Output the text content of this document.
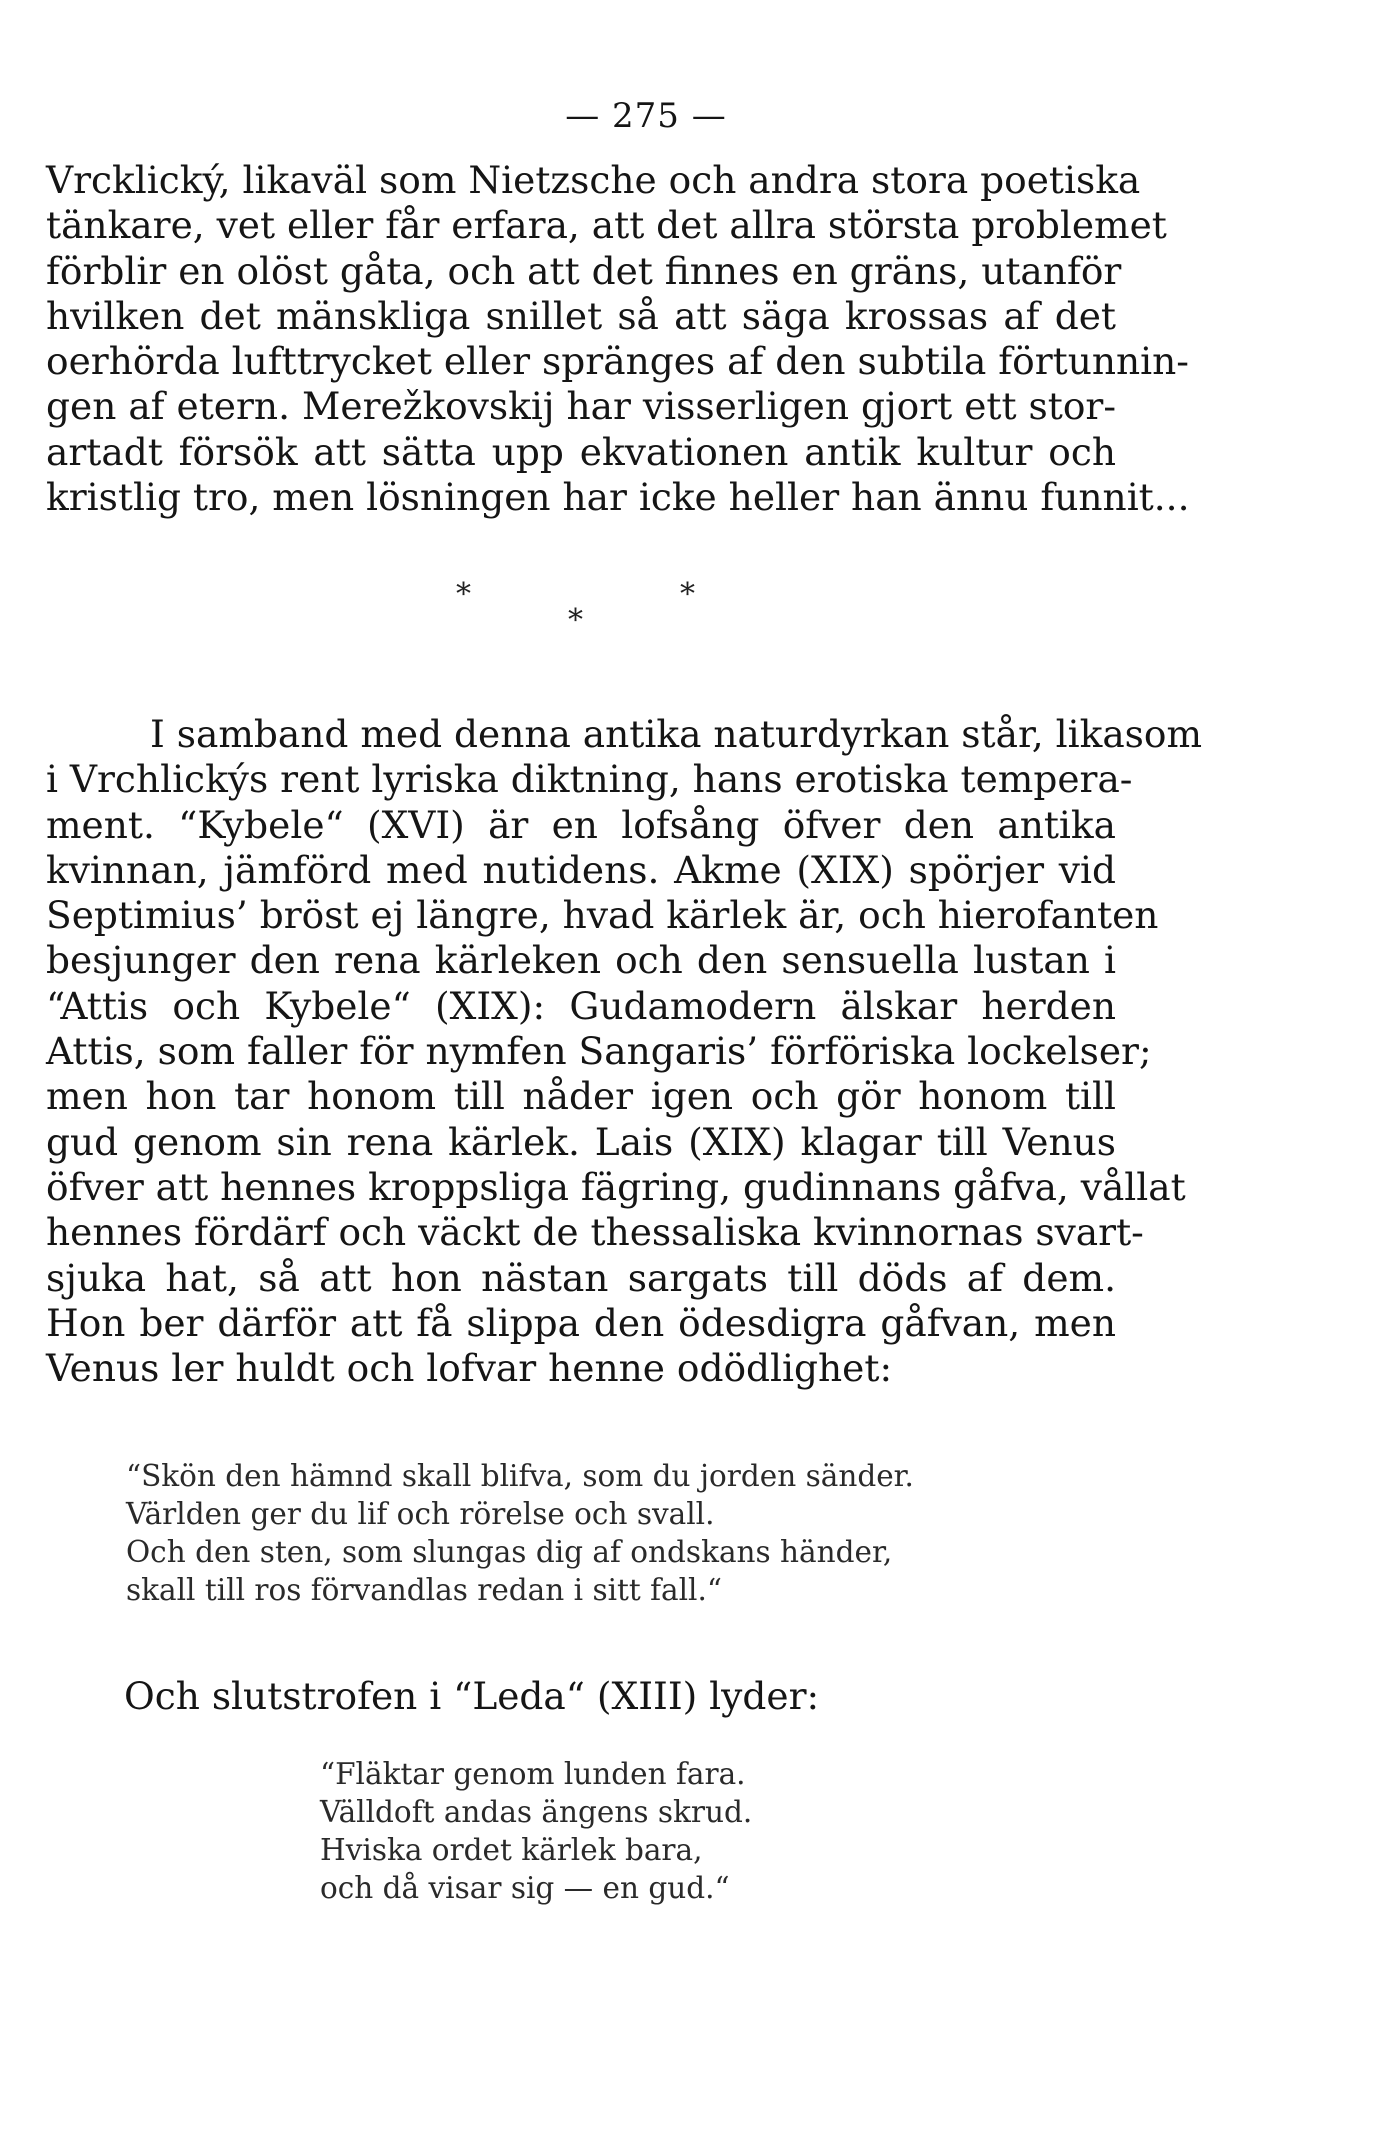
— 275 —
Vrcklický, likaväl som Nietzsche och andra stora poetiska
tänkare, vet eller får erfara, att det allra största problemet
förblir en olöst gåta, och att det finnes en gräns, utanför
hvilken det mänskliga snillet så att säga krossas af det
oerhörda lufttrycket eller spränges af den subtila förtunnin-
gen af etern. Merežkovskij har visserligen gjort ett stor-
artadt försök att sätta upp ekvationen antik kultur och
kristlig tro, men lösningen har icke heller han ännu funnit...
*
*
*
I samband med denna antika naturdyrkan står, likasom
i Vrchlickýs rent lyriska diktning, hans erotiska tempera-
ment. “Kybele“ (XVI) är en lofsång öfver den antika
kvinnan, jämförd med nutidens. Akme (XIX) spörjer vid
Septimius’ bröst ej längre, hvad kärlek är, och hierofanten
besjunger den rena kärleken och den sensuella lustan i
“Attis och Kybele“ (XIX): Gudamodern älskar herden
Attis, som faller för nymfen Sangaris’ förföriska lockelser;
men hon tar honom till nåder igen och gör honom till
gud genom sin rena kärlek. Lais (XIX) klagar till Venus
öfver att hennes kroppsliga fägring, gudinnans gåfva, vållat
hennes fördärf och väckt de thessaliska kvinnornas svart-
sjuka hat, så att hon nästan sargats till döds af dem.
Hon ber därför att få slippa den ödesdigra gåfvan, men
Venus ler huldt och lofvar henne odödlighet:
“Skön den hämnd skall blifva, som du jorden sänder.
Världen ger du lif och rörelse och svall.
Och den sten, som slungas dig af ondskans händer,
skall till ros förvandlas redan i sitt fall.“
Och slutstrofen i “Leda“ (XIII) lyder:
“Fläktar genom lunden fara.
Välldoft andas ängens skrud.
Hviska ordet kärlek bara,
och då visar sig — en gud.“
